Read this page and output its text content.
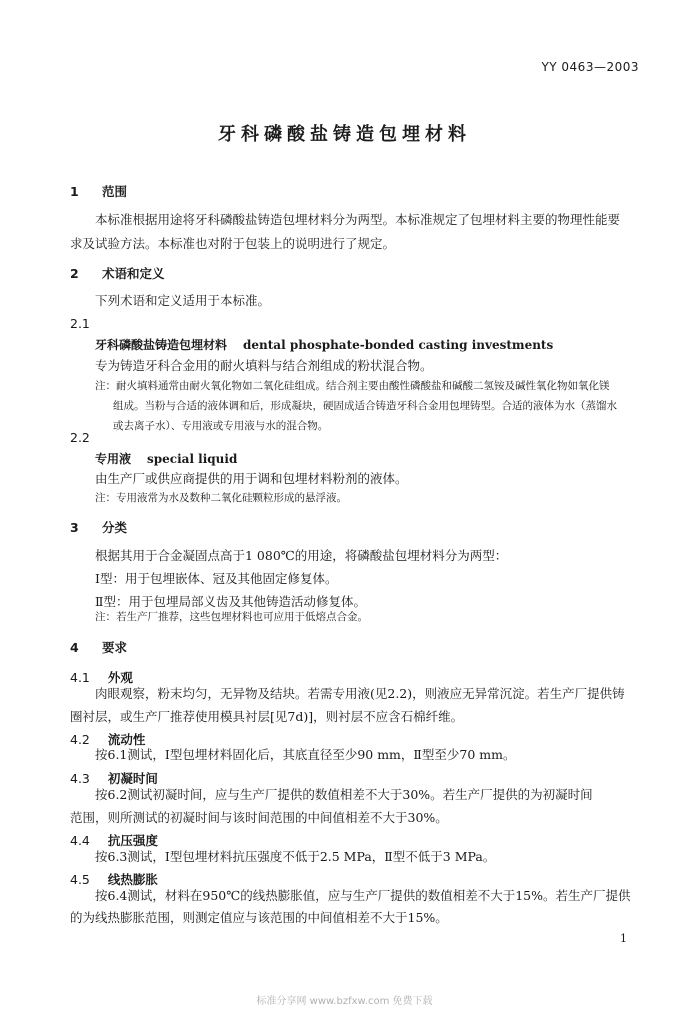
YY 0463—2003
牙科磷酸盐铸造包埋材料
1 范围
本标准根据用途将牙科磷酸盐铸造包埋材料分为两型。本标准规定了包埋材料主要的物理性能要
求及试验方法。本标准也对附于包装上的说明进行了规定。
2 术语和定义
下列术语和定义适用于本标准。
2.1
牙科磷酸盐铸造包埋材料 dental phosphate-bonded casting investments
专为铸造牙科合金用的耐火填料与结合剂组成的粉状混合物。
注：耐火填料通常由耐火氧化物如二氧化硅组成。结合剂主要由酸性磷酸盐和碱酸二氢铵及碱性氧化物如氧化镁
组成。当粉与合适的液体调和后，形成凝块，硬固成适合铸造牙科合金用包埋铸型。合适的液体为水（蒸馏水
或去离子水）、专用液或专用液与水的混合物。
2.2
专用液 special liquid
由生产厂或供应商提供的用于调和包埋材料粉剂的液体。
注：专用液常为水及数种二氧化硅颗粒形成的悬浮液。
3 分类
根据其用于合金凝固点高于1 080℃的用途，将磷酸盐包埋材料分为两型：
Ⅰ型：用于包埋嵌体、冠及其他固定修复体。
Ⅱ型：用于包埋局部义齿及其他铸造活动修复体。
注：若生产厂推荐，这些包埋材料也可应用于低熔点合金。
4 要求
4.1 外观
肉眼观察，粉末均匀，无异物及结块。若需专用液(见2.2)，则液应无异常沉淀。若生产厂提供铸
圈衬层，或生产厂推荐使用模具衬层[见7d)]，则衬层不应含石棉纤维。
4.2 流动性
按6.1测试，Ⅰ型包埋材料固化后，其底直径至少90 mm，Ⅱ型至少70 mm。
4.3 初凝时间
按6.2测试初凝时间，应与生产厂提供的数值相差不大于30%。若生产厂提供的为初凝时间
范围，则所测试的初凝时间与该时间范围的中间值相差不大于30%。
4.4 抗压强度
按6.3测试，Ⅰ型包埋材料抗压强度不低于2.5 MPa，Ⅱ型不低于3 MPa。
4.5 线热膨胀
按6.4测试，材料在950℃的线热膨胀值，应与生产厂提供的数值相差不大于15%。若生产厂提供
的为线热膨胀范围，则测定值应与该范围的中间值相差不大于15%。
1
标准分享网 www.bzfxw.com 免费下载
